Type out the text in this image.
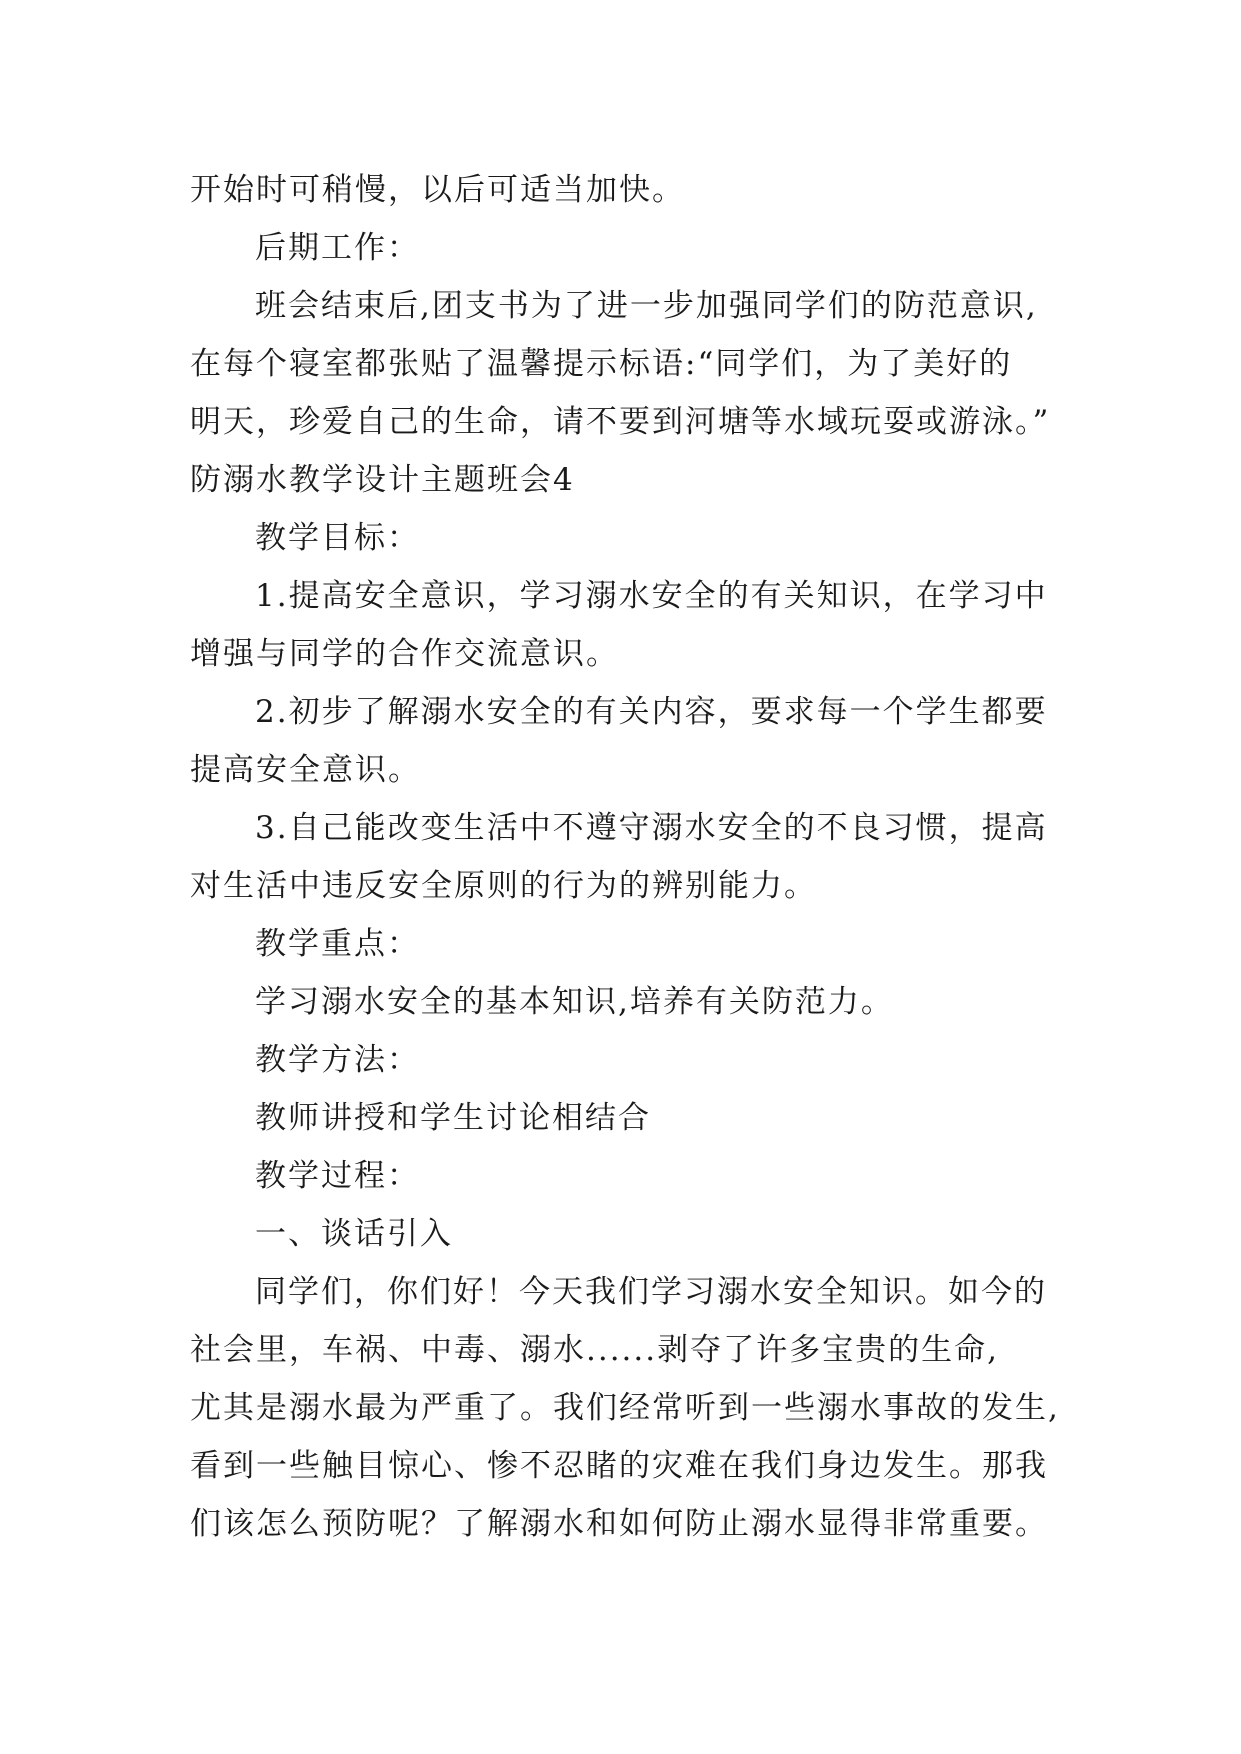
开始时可稍慢，以后可适当加快。
后期工作：
班会结束后,团支书为了进一步加强同学们的防范意识,
在每个寝室都张贴了温馨提示标语:“同学们，为了美好的
明天，珍爱自己的生命，请不要到河塘等水域玩耍或游泳。”
防溺水教学设计主题班会4
教学目标：
1.提高安全意识，学习溺水安全的有关知识，在学习中
增强与同学的合作交流意识。
2.初步了解溺水安全的有关内容，要求每一个学生都要
提高安全意识。
3.自己能改变生活中不遵守溺水安全的不良习惯，提高
对生活中违反安全原则的行为的辨别能力。
教学重点：
学习溺水安全的基本知识,培养有关防范力。
教学方法：
教师讲授和学生讨论相结合
教学过程：
一、谈话引入
同学们，你们好！今天我们学习溺水安全知识。如今的
社会里，车祸、中毒、溺水......剥夺了许多宝贵的生命,
尤其是溺水最为严重了。我们经常听到一些溺水事故的发生,
看到一些触目惊心、惨不忍睹的灾难在我们身边发生。那我
们该怎么预防呢？了解溺水和如何防止溺水显得非常重要。
